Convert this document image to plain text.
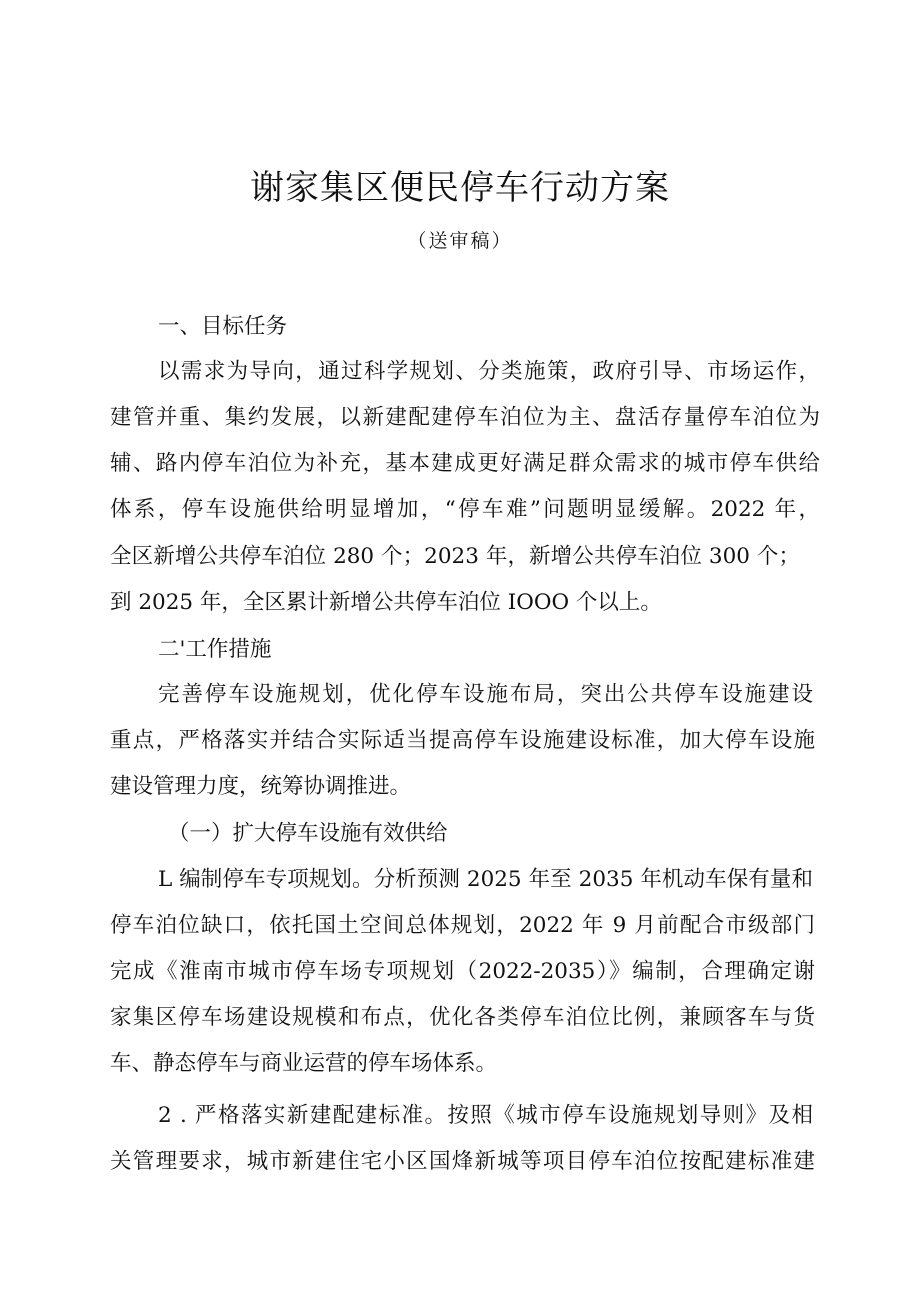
谢家集区便民停车行动方案
（送审稿）
一、目标任务
以需求为导向，通过科学规划、分类施策，政府引导、市场运作，
建管并重、集约发展，以新建配建停车泊位为主、盘活存量停车泊位为
辅、路内停车泊位为补充，基本建成更好满足群众需求的城市停车供给
体系，停车设施供给明显增加，“停车难”问题明显缓解。2022 年，
全区新增公共停车泊位 280 个；2023 年，新增公共停车泊位 300 个；
到 2025 年，全区累计新增公共停车泊位 IOOO 个以上。
二'工作措施
完善停车设施规划，优化停车设施布局，突出公共停车设施建设
重点，严格落实并结合实际适当提高停车设施建设标准，加大停车设施
建设管理力度，统筹协调推进。
（一）扩大停车设施有效供给
L 编制停车专项规划。分析预测 2025 年至 2035 年机动车保有量和
停车泊位缺口，依托国土空间总体规划，2022 年 9 月前配合市级部门
完成《淮南市城市停车场专项规划（2022-2035）》编制，合理确定谢
家集区停车场建设规模和布点，优化各类停车泊位比例，兼顾客车与货
车、静态停车与商业运营的停车场体系。
2 . 严格落实新建配建标准。按照《城市停车设施规划导则》及相
关管理要求，城市新建住宅小区国烽新城等项目停车泊位按配建标准建
